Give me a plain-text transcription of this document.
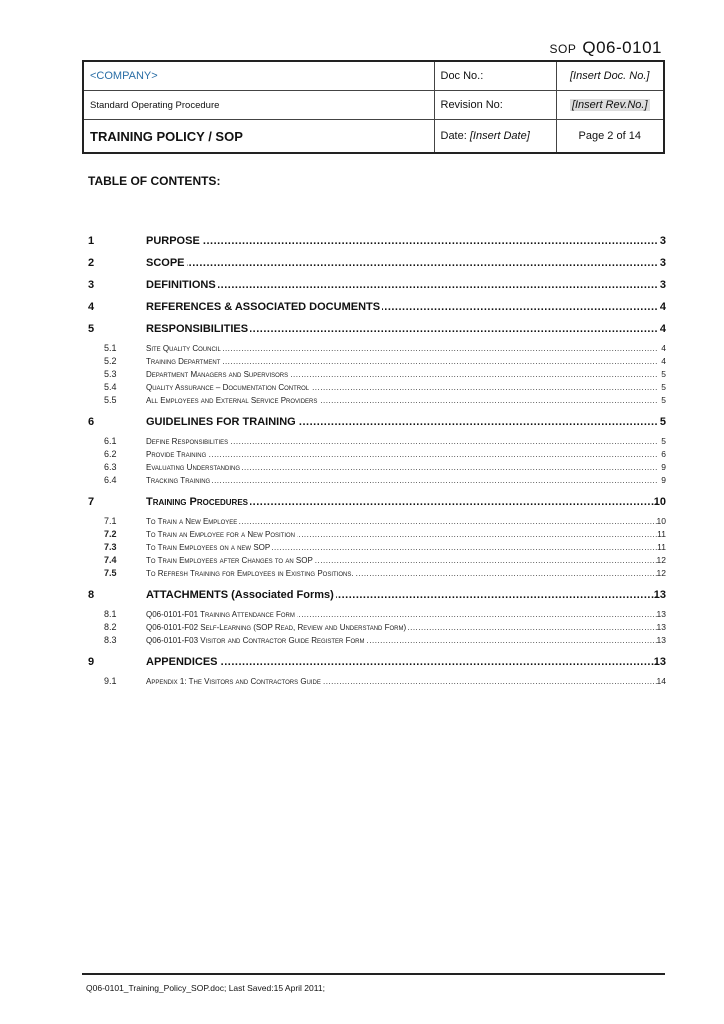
SOP Q06-0101
<COMPANY>	Doc No.:	[Insert Doc. No.]
Standard Operating Procedure	Revision No:	[Insert Rev.No.]
TRAINING POLICY / SOP	Date: [Insert Date]	Page 2 of 14
TABLE OF CONTENTS:
1	PURPOSE .....	3
2	SCOPE .....	3
3	DEFINITIONS .....	3
4	REFERENCES & ASSOCIATED DOCUMENTS .....	4
5	RESPONSIBILITIES .....	4
5.1	Site Quality Council .....	4
5.2	Training Department .....	4
5.3	Department Managers and Supervisors .....	5
5.4	Quality Assurance – Documentation Control .....	5
5.5	All Employees and External Service Providers .....	5
6	GUIDELINES FOR TRAINING .....	5
6.1	Define Responsibilities .....	5
6.2	Provide Training .....	6
6.3	Evaluating Understanding .....	9
6.4	Tracking Training .....	9
7	Training Procedures .....	10
7.1	To Train a New Employee .....	10
7.2	To Train an Employee for a New Position .....	11
7.3	To Train Employees on a new SOP .....	11
7.4	To Train Employees after Changes to an SOP .....	12
7.5	To Refresh Training for Employees in Existing Positions. .....	12
8	ATTACHMENTS (Associated Forms) .....	13
8.1	Q06-0101-F01 Training Attendance Form .....	13
8.2	Q06-0101-F02 Self-Learning (SOP Read, Review and Understand Form) .....	13
8.3	Q06-0101-F03 Visitor and Contractor Guide Register Form .....	13
9	APPENDICES .....	13
9.1	Appendix 1: The Visitors and Contractors Guide .....	14
Q06-0101_Training_Policy_SOP.doc; Last Saved:15 April 2011;
